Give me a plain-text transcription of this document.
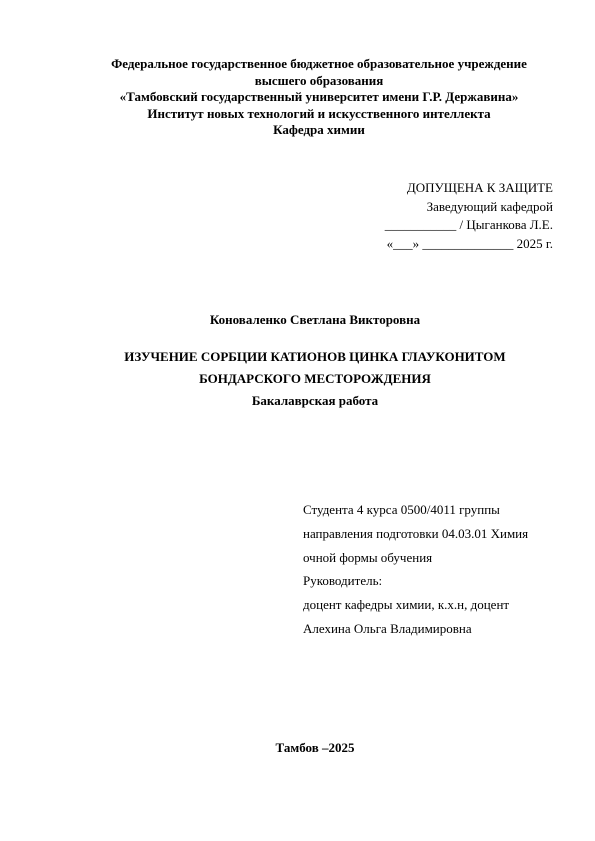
Федеральное государственное бюджетное образовательное учреждение
высшего образования
«Тамбовский государственный университет имени Г.Р. Державина»
Институт новых технологий и искусственного интеллекта
Кафедра химии
ДОПУЩЕНА К ЗАЩИТЕ
Заведующий кафедрой
___________ / Цыганкова Л.Е.
«___» ______________ 2025 г.
Коноваленко Светлана Викторовна
ИЗУЧЕНИЕ СОРБЦИИ КАТИОНОВ ЦИНКА ГЛАУКОНИТОМ
БОНДАРСКОГО МЕСТОРОЖДЕНИЯ
Бакалаврская работа
Студента 4 курса 0500/4011 группы
направления подготовки 04.03.01 Химия
очной формы обучения
Руководитель:
доцент кафедры химии, к.х.н, доцент
Алехина Ольга Владимировна
Тамбов –2025
